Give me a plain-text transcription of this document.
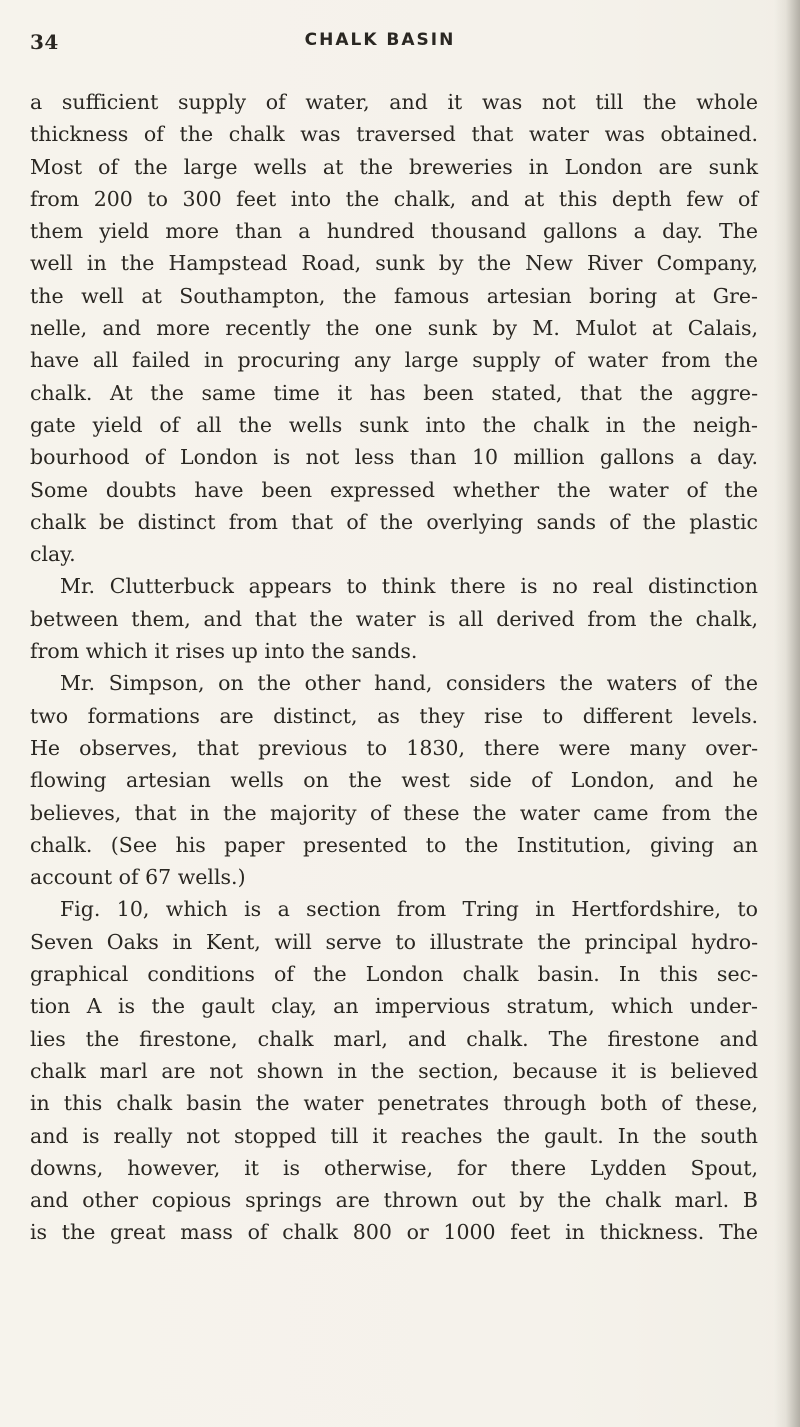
34	CHALK BASIN
a sufficient supply of water, and it was not till the whole
thickness of the chalk was traversed that water was obtained.
Most of the large wells at the breweries in London are sunk
from 200 to 300 feet into the chalk, and at this depth few of
them yield more than a hundred thousand gallons a day. The
well in the Hampstead Road, sunk by the New River Company,
the well at Southampton, the famous artesian boring at Gre-
nelle, and more recently the one sunk by M. Mulot at Calais,
have all failed in procuring any large supply of water from the
chalk. At the same time it has been stated, that the aggre-
gate yield of all the wells sunk into the chalk in the neigh-
bourhood of London is not less than 10 million gallons a day.
Some doubts have been expressed whether the water of the
chalk be distinct from that of the overlying sands of the plastic
clay.
Mr. Clutterbuck appears to think there is no real distinction
between them, and that the water is all derived from the chalk,
from which it rises up into the sands.
Mr. Simpson, on the other hand, considers the waters of the
two formations are distinct, as they rise to different levels.
He observes, that previous to 1830, there were many over-
flowing artesian wells on the west side of London, and he
believes, that in the majority of these the water came from the
chalk. (See his paper presented to the Institution, giving an
account of 67 wells.)
Fig. 10, which is a section from Tring in Hertfordshire, to
Seven Oaks in Kent, will serve to illustrate the principal hydro-
graphical conditions of the London chalk basin. In this sec-
tion A is the gault clay, an impervious stratum, which under-
lies the firestone, chalk marl, and chalk. The firestone and
chalk marl are not shown in the section, because it is believed
in this chalk basin the water penetrates through both of these,
and is really not stopped till it reaches the gault. In the south
downs, however, it is otherwise, for there Lydden Spout,
and other copious springs are thrown out by the chalk marl. B
is the great mass of chalk 800 or 1000 feet in thickness. The
